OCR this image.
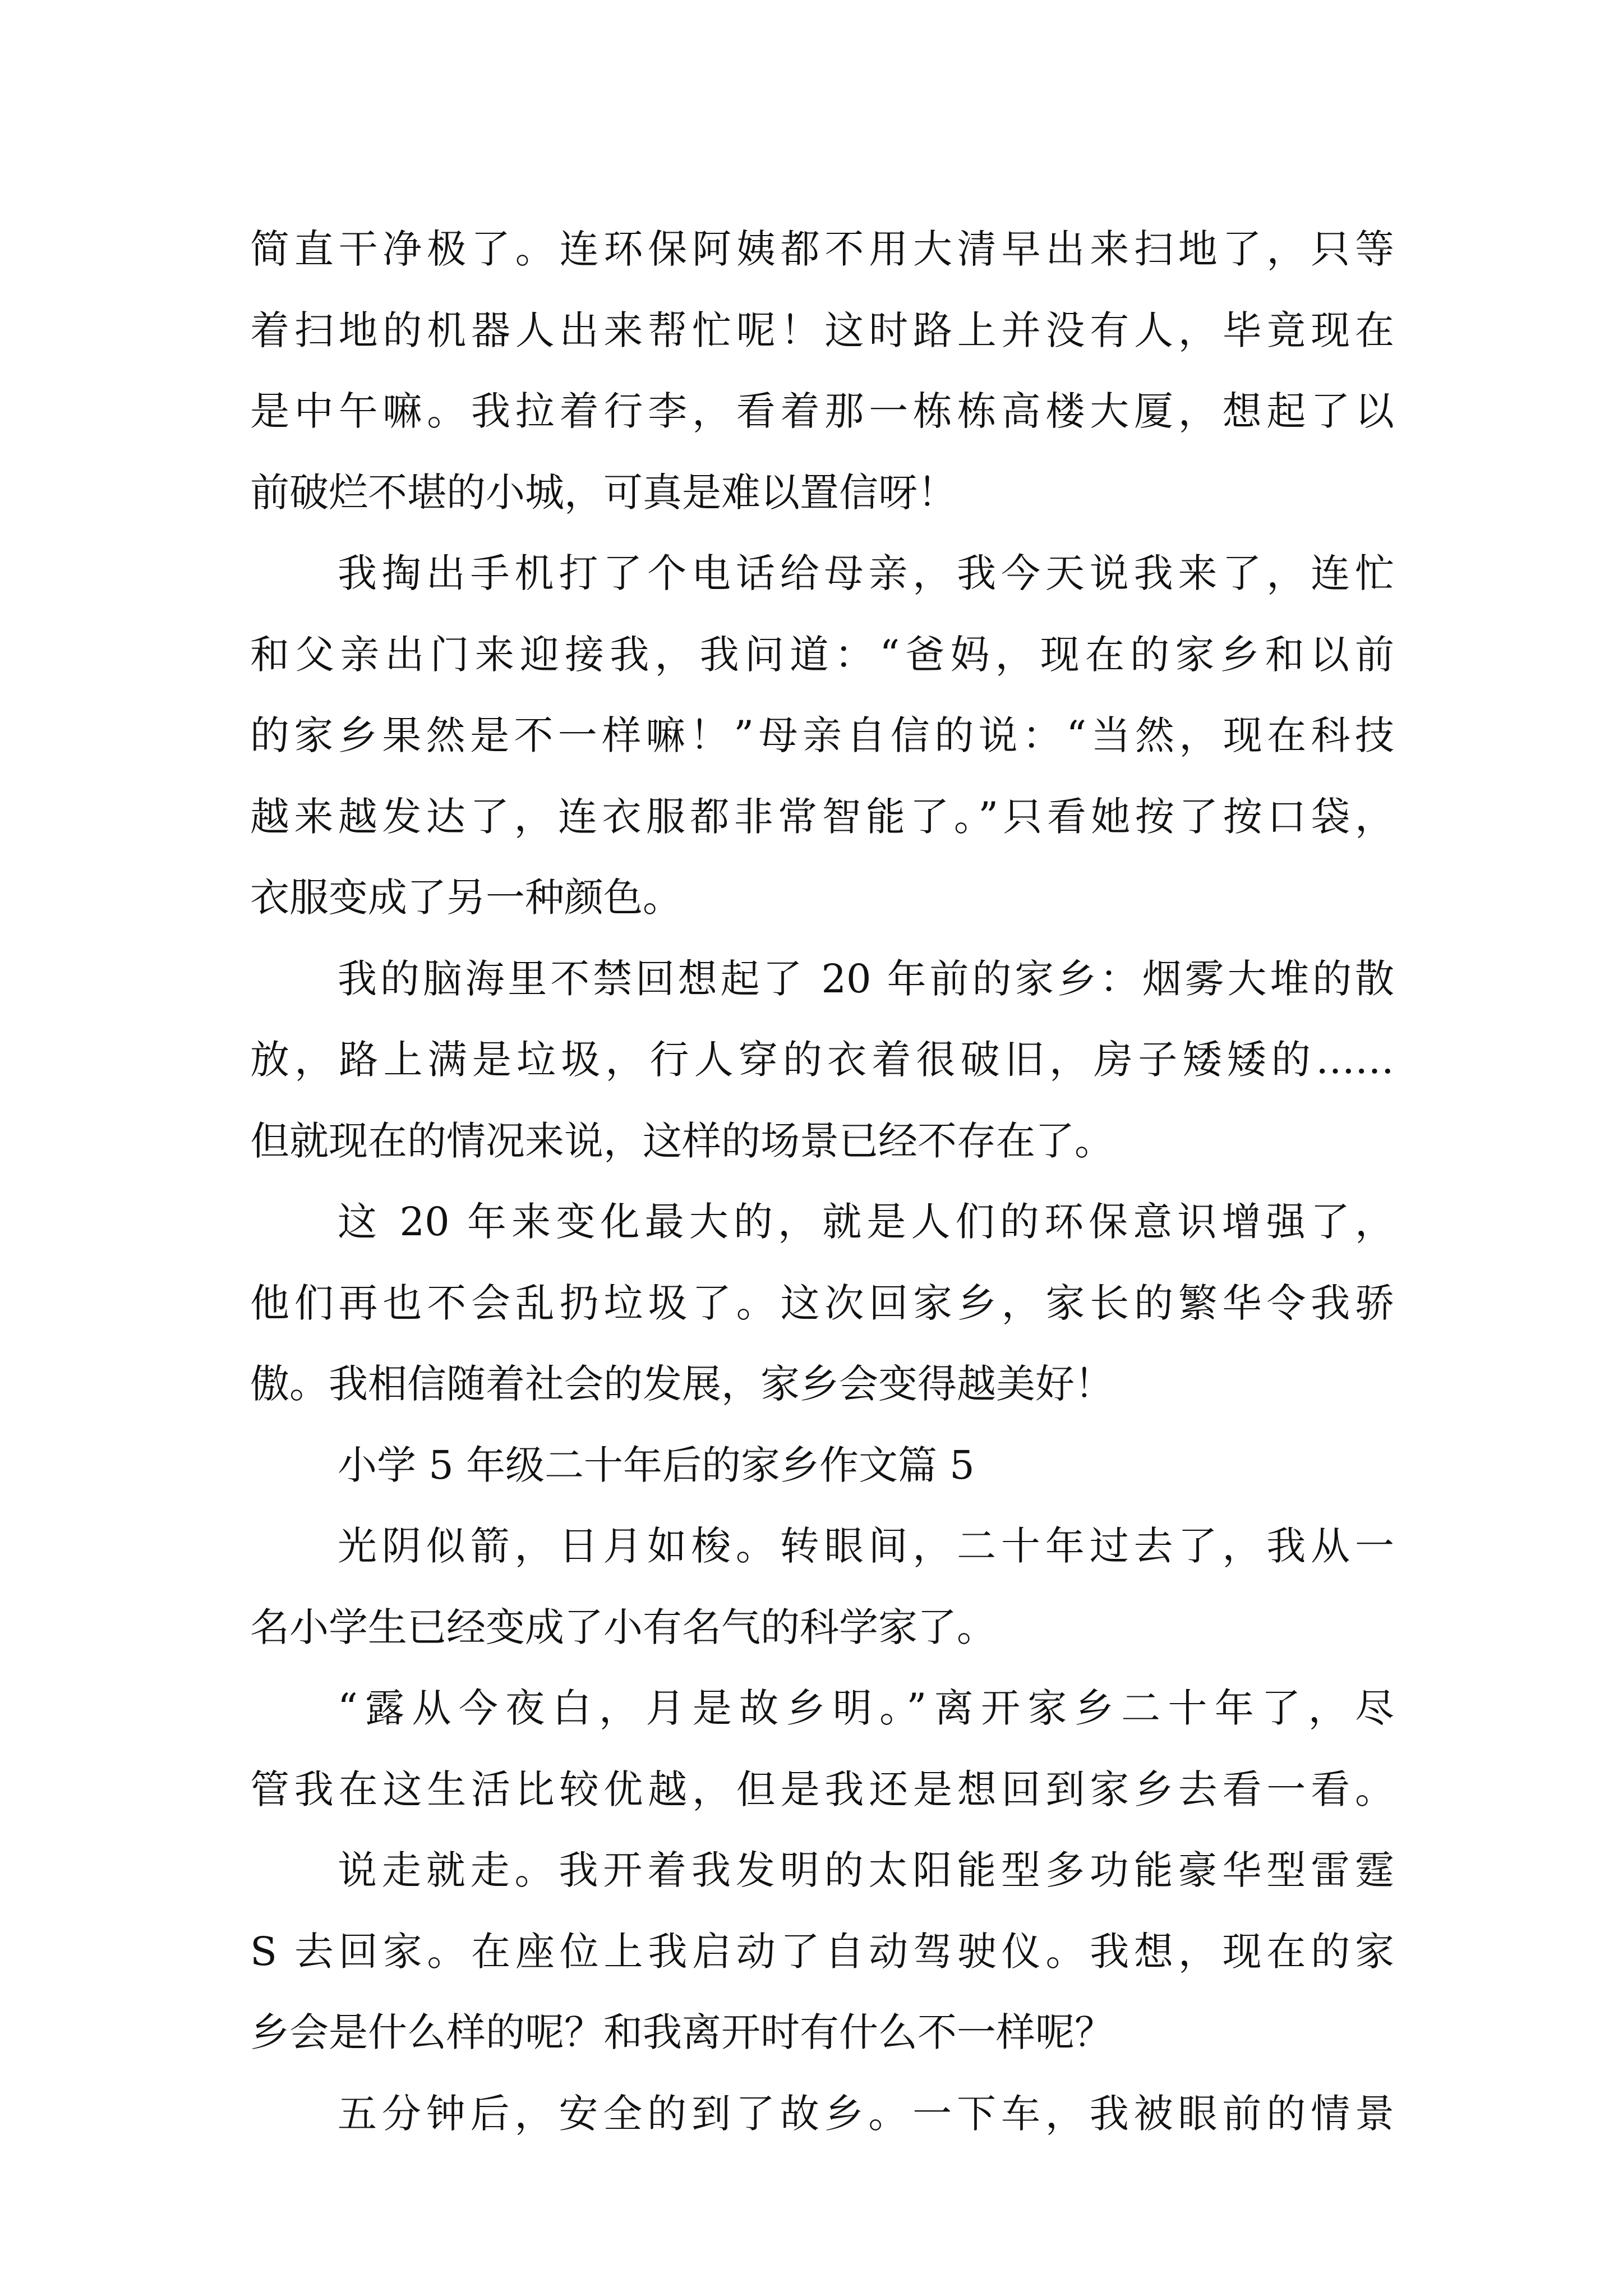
简直干净极了。连环保阿姨都不用大清早出来扫地了，只等
着扫地的机器人出来帮忙呢！这时路上并没有人，毕竟现在
是中午嘛。我拉着行李，看着那一栋栋高楼大厦，想起了以
前破烂不堪的小城，可真是难以置信呀！
我掏出手机打了个电话给母亲，我今天说我来了，连忙
和父亲出门来迎接我，我问道：“爸妈，现在的家乡和以前
的家乡果然是不一样嘛！”母亲自信的说：“当然，现在科技
越来越发达了，连衣服都非常智能了。”只看她按了按口袋，
衣服变成了另一种颜色。
我的脑海里不禁回想起了 20 年前的家乡：烟雾大堆的散
放，路上满是垃圾，行人穿的衣着很破旧，房子矮矮的……
但就现在的情况来说，这样的场景已经不存在了。
这 20 年来变化最大的，就是人们的环保意识增强了，
他们再也不会乱扔垃圾了。这次回家乡，家长的繁华令我骄
傲。我相信随着社会的发展，家乡会变得越美好！
小学 5 年级二十年后的家乡作文篇 5
光阴似箭，日月如梭。转眼间，二十年过去了，我从一
名小学生已经变成了小有名气的科学家了。
“露从今夜白，月是故乡明。”离开家乡二十年了，尽
管我在这生活比较优越，但是我还是想回到家乡去看一看。
说走就走。我开着我发明的太阳能型多功能豪华型雷霆
S 去回家。在座位上我启动了自动驾驶仪。我想，现在的家
乡会是什么样的呢？和我离开时有什么不一样呢？
五分钟后，安全的到了故乡。一下车，我被眼前的情景
